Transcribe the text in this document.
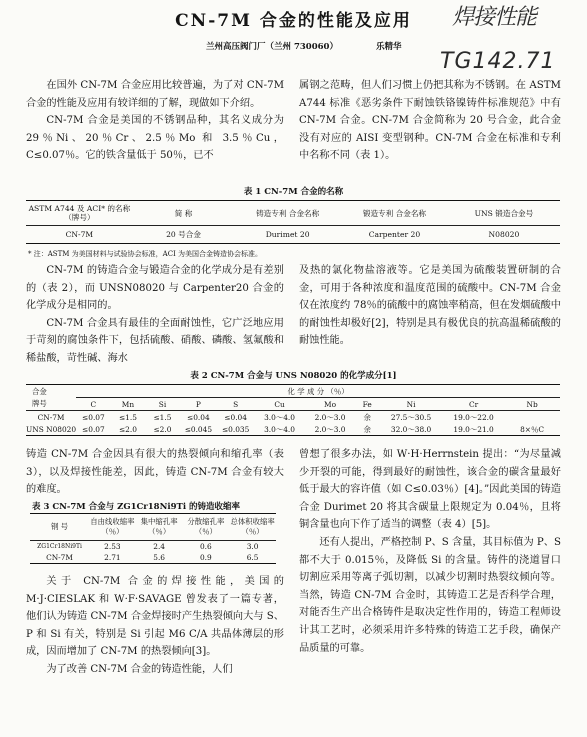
CN-7M 合金的性能及应用	焊接性能
TG142.71
兰州高压阀门厂（兰州 730060）	乐精华

在国外 CN-7M 合金应用比较普遍，为了对 CN-7M 合金的性能及应用有较详细的了解，现做如下介绍。

CN-7M 合金是美国的不锈钢品种，其名义成分为 29％Ni、20％Cr、2.5％Mo 和 3.5％Cu，C≤0.07％。它的铁含量低于 50％，已不

属钢之范畴，但人们习惯上仍把其称为不锈钢。在 ASTM A744 标准《恶劣条件下耐蚀铁铬镍铸件标准规范》中有 CN-7M 合金。CN-7M 合金简称为 20 号合金，此合金没有对应的 AISI 变型钢种。CN-7M 合金在标准和专利中名称不同（表 1）。

表 1 CN-7M 合金的名称
ASTM A744 及 ACI* 的名称（牌号）	简 称	铸造专利 合金名称	锻造专利 合金名称	UNS 锻造合金号
CN-7M	20 号合金	Durimet 20	Carpenter 20	N08020
* 注：ASTM 为美国材料与试验协会标准，ACI 为美国合金铸造协会标准。

CN-7M 的铸造合金与锻造合金的化学成分是有差别的（表 2），而 UNSN08020 与 Carpenter20 合金的化学成分是相同的。

CN-7M 合金具有最佳的全面耐蚀性，它广泛地应用于苛刻的腐蚀条件下，包括硫酸、硝酸、磷酸、氢氟酸和稀盐酸，苛性碱、海水

及热的氯化物盐溶液等。它是美国为硫酸装置研制的合金，可用于各种浓度和温度范围的硫酸中。CN-7M 合金仅在浓度约 78％的硫酸中的腐蚀率稍高，但在发烟硫酸中的耐蚀性却极好[2]，特别是具有极优良的抗高温稀硫酸的耐蚀性能。

表 2 CN-7M 合金与 UNS N08020 的化学成分[1]
合金	化 学 成 分 （％）										
牌号	C	Mn	Si	P	S	Cu	Mo	Fe	Ni	Cr	Nb
CN-7M	≤0.07	≤1.5	≤1.5	≤0.04	≤0.04	3.0～4.0	2.0～3.0	余	27.5～30.5	19.0～22.0	
UNS N08020	≤0.07	≤2.0	≤2.0	≤0.045	≤0.035	3.0～4.0	2.0～3.0	余	32.0～38.0	19.0～21.0	8×％C

铸造 CN-7M 合金因具有很大的热裂倾向和缩孔率（表 3），以及焊接性能差，因此，铸造 CN-7M 合金有较大的难度。

表 3 CN-7M 合金与 ZG1Cr18Ni9Ti 的铸造收缩率
钢 号	自由线收缩率（％）	集中缩孔率（％）	分散缩孔率（％）	总体积收缩率（％）
ZG1Cr18Ni9Ti	2.53	2.4	0.6	3.0
CN-7M	2.71	5.6	0.9	6.5

关于 CN-7M 合金的焊接性能，美国的 M·J·CIESLAK 和 W·F·SAVAGE 曾发表了一篇专著，他们认为铸造 CN-7M 合金焊接时产生热裂倾向大与 S、P 和 Si 有关，特别是 Si 引起 M6 C/A 共晶体薄层的形成，因而增加了 CN-7M 的热裂倾向[3]。

为了改善 CN-7M 合金的铸造性能，人们

曾想了很多办法，如 W·H·Herrnstein 提出：“为尽量减少开裂的可能，得到最好的耐蚀性，该合金的碳含量最好低于最大的容许值（如 C≤0.03％）[4]。”因此美国的铸造合金 Durimet 20 将其含碳量上限规定为 0.04％，且将铜含量也向下作了适当的调整（表 4）[5]。

还有人提出，严格控制 P、S 含量，其目标值为 P、S 都不大于 0.015％，及降低 Si 的含量。铸件的浇道冒口切割应采用等离子弧切割，以减少切割时热裂纹倾向等。当然，铸造 CN-7M 合金时，其铸造工艺是否科学合理，对能否生产出合格铸件是取决定性作用的，铸造工程师设计其工艺时，必须采用许多特殊的铸造工艺手段，确保产品质量的可靠。
